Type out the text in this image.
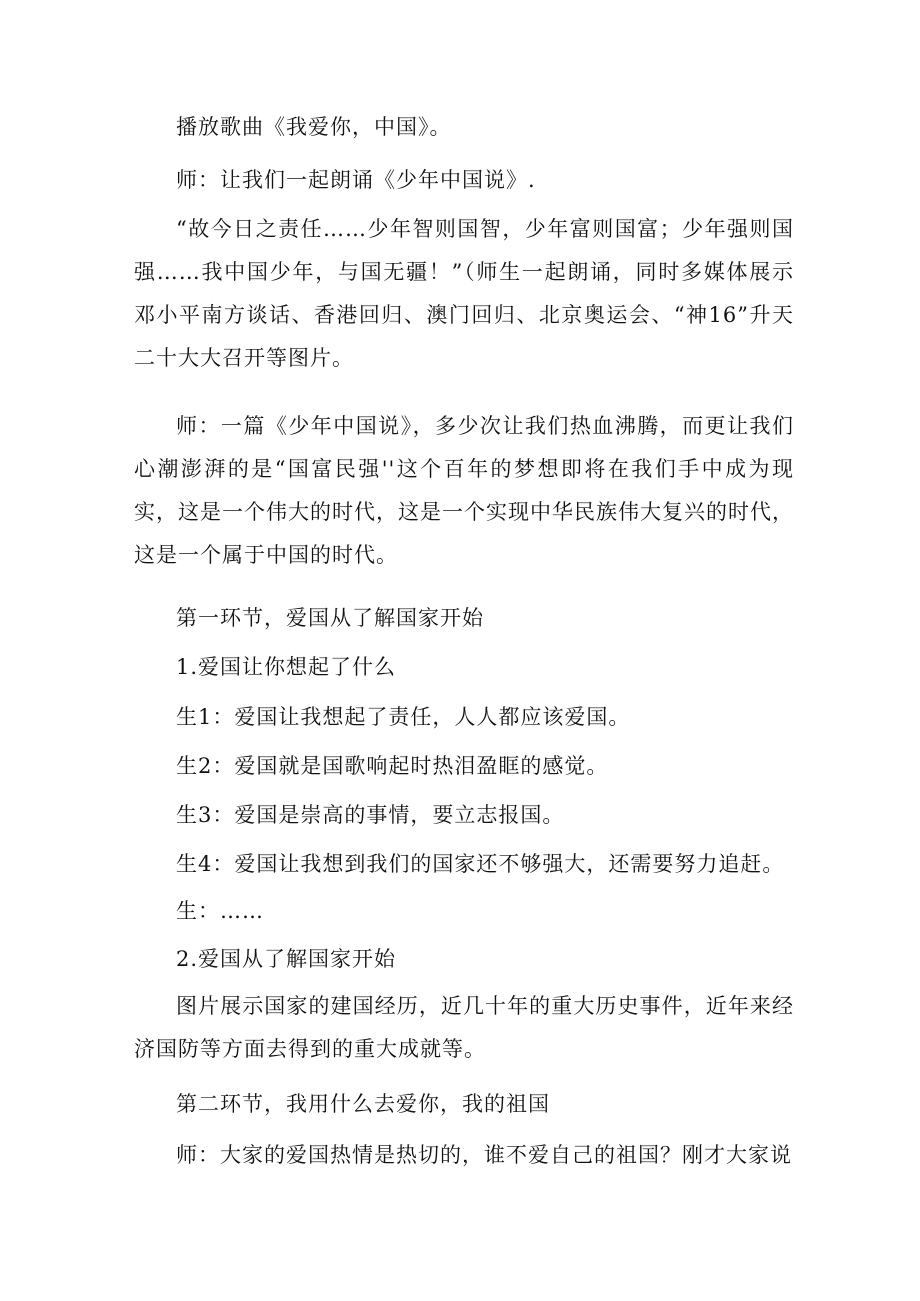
播放歌曲《我爱你，中国》。

师：让我们一起朗诵《少年中国说》.

“故今日之责任……少年智则国智，少年富则国富；少年强则国强……我中国少年，与国无疆！”（师生一起朗诵，同时多媒体展示邓小平南方谈话、香港回归、澳门回归、北京奥运会、“神16”升天二十大大召开等图片。

师：一篇《少年中国说》，多少次让我们热血沸腾，而更让我们心潮澎湃的是“国富民强''这个百年的梦想即将在我们手中成为现实，这是一个伟大的时代，这是一个实现中华民族伟大复兴的时代，这是一个属于中国的时代。

第一环节，爱国从了解国家开始

1.爱国让你想起了什么

生1：爱国让我想起了责任，人人都应该爱国。

生2：爱国就是国歌响起时热泪盈眶的感觉。

生3：爱国是崇高的事情，要立志报国。

生4：爱国让我想到我们的国家还不够强大，还需要努力追赶。

生：……

2.爱国从了解国家开始

图片展示国家的建国经历，近几十年的重大历史事件，近年来经济国防等方面去得到的重大成就等。

第二环节，我用什么去爱你，我的祖国

师：大家的爱国热情是热切的，谁不爱自己的祖国？刚才大家说
